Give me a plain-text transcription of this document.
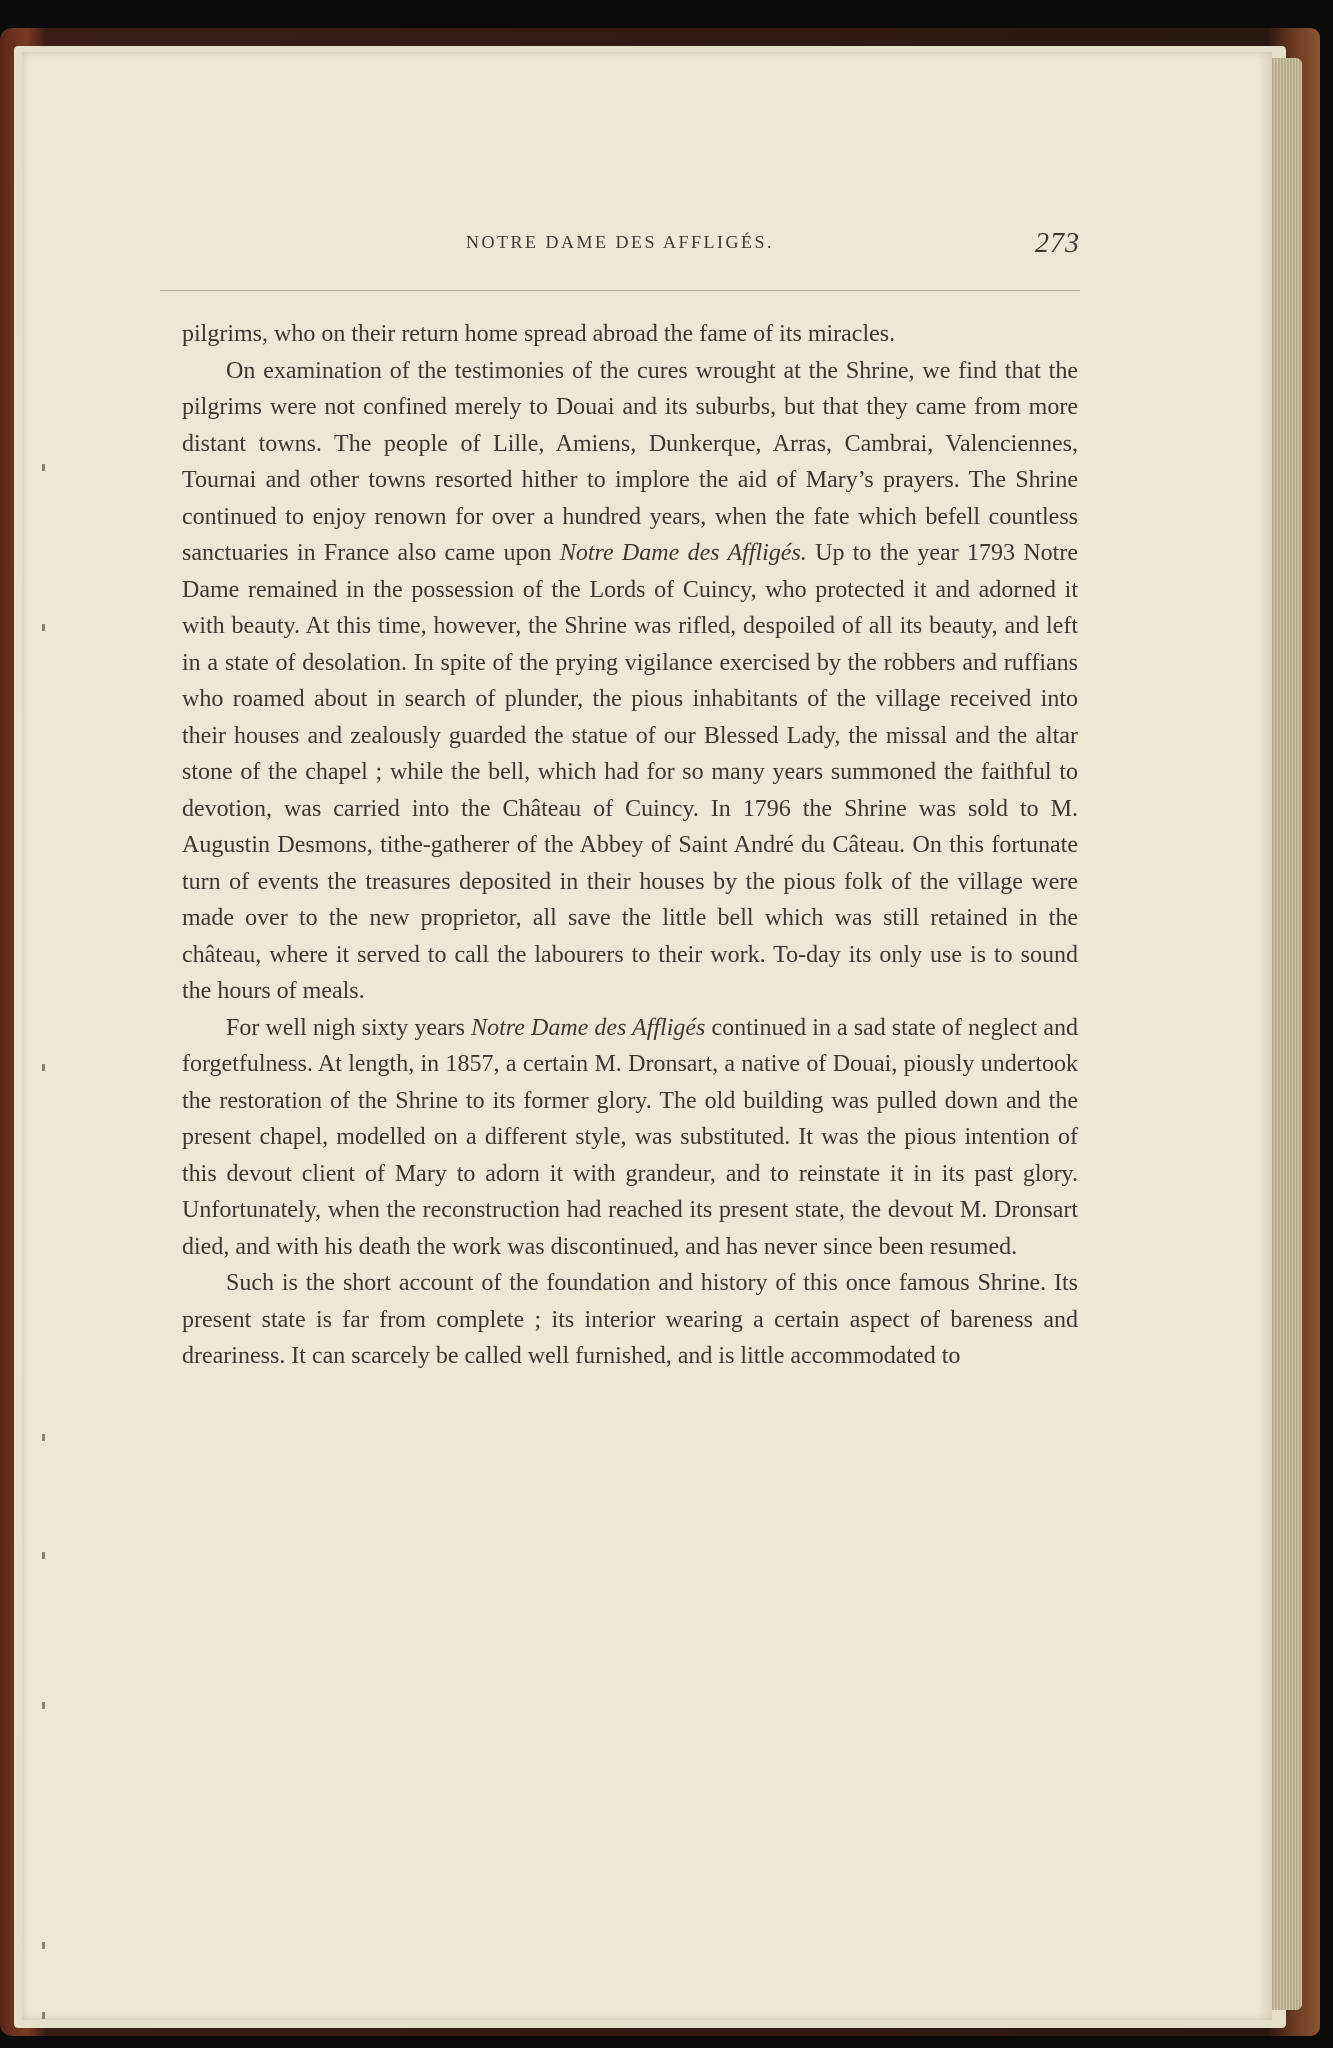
NOTRE DAME DES AFFLIGÉS.	273

pilgrims, who on their return home spread abroad the fame of its miracles.

On examination of the testimonies of the cures wrought at the Shrine, we find that the pilgrims were not confined merely to Douai and its suburbs, but that they came from more distant towns. The people of Lille, Amiens, Dunkerque, Arras, Cambrai, Valenciennes, Tournai and other towns resorted hither to implore the aid of Mary’s prayers. The Shrine continued to enjoy renown for over a hundred years, when the fate which befell countless sanctuaries in France also came upon Notre Dame des Affligés. Up to the year 1793 Notre Dame remained in the possession of the Lords of Cuincy, who protected it and adorned it with beauty. At this time, however, the Shrine was rifled, despoiled of all its beauty, and left in a state of desolation. In spite of the prying vigilance exercised by the robbers and ruffians who roamed about in search of plunder, the pious inhabitants of the village received into their houses and zealously guarded the statue of our Blessed Lady, the missal and the altar stone of the chapel ; while the bell, which had for so many years summoned the faithful to devotion, was carried into the Château of Cuincy. In 1796 the Shrine was sold to M. Augustin Desmons, tithe-gatherer of the Abbey of Saint André du Câteau. On this fortunate turn of events the treasures deposited in their houses by the pious folk of the village were made over to the new proprietor, all save the little bell which was still retained in the château, where it served to call the labourers to their work. To-day its only use is to sound the hours of meals.

For well nigh sixty years Notre Dame des Affligés continued in a sad state of neglect and forgetfulness. At length, in 1857, a certain M. Dronsart, a native of Douai, piously undertook the restoration of the Shrine to its former glory. The old building was pulled down and the present chapel, modelled on a different style, was substituted. It was the pious intention of this devout client of Mary to adorn it with grandeur, and to reinstate it in its past glory. Unfortunately, when the reconstruction had reached its present state, the devout M. Dronsart died, and with his death the work was discontinued, and has never since been resumed.

Such is the short account of the foundation and history of this once famous Shrine. Its present state is far from complete ; its interior wearing a certain aspect of bareness and dreariness. It can scarcely be called well furnished, and is little accommodated to
